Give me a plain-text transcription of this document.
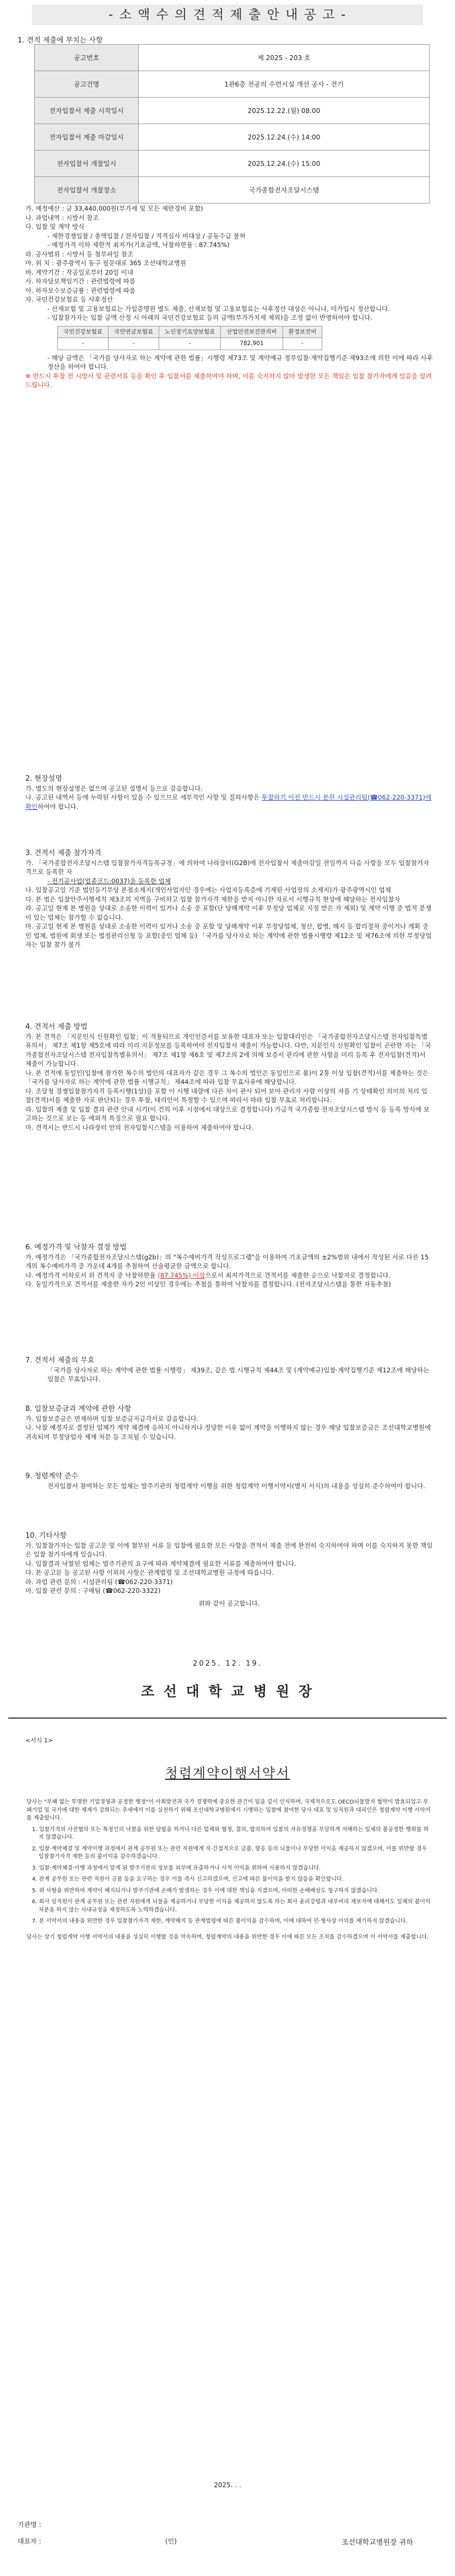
- 소 액 수 의 견 적 제 출 안 내 공 고 -
1. 견적 제출에 부치는 사항
공고번호	제 2025 - 203 호
공고건명	1관6층 전공의 수련시설 개선 공사 - 전기
전자입찰서 제출 시작일시	2025.12.22.(월) 08:00
전자입찰서 제출 마감일시	2025.12.24.(수) 14:00
전자입찰서 개찰일시	2025.12.24.(수) 15:00
전자입찰서 개찰장소	국가종합전자조달시스템

가. 예정예산 : 금 33,440,000원(부가세 및 모든 제반경비 포함)

나. 과업내역 : 시방서 참조

다. 입찰 및 계약 방식

- 제한경쟁입찰 / 총액입찰 / 전자입찰 / 적격심사 비대상 / 공동수급 불허

- 예정가격 이하 제한적 최저가(기초금액, 낙찰하한율 : 87.745%)

라. 공사범위 : 시방서 등 첨부파일 참조

마. 위 치 : 광주광역시 동구 필문대로 365 조선대학교병원

바. 계약기간 : 착공일로부터 20일 이내

사. 하자담보책임기간 : 관련법령에 따름

아. 하자보수보증금률 : 관련법령에 따름

자. 국민건강보험료 등 사후정산

- 산재보험 및 고용보험료는 가입증명원 별도 제출, 산재보험 및 고용보험료는 사후정산 대상은 아니나, 미가입시 정산합니다.

- 입찰참가자는 입찰 금액 산정 시 아래의 국민건강보험료 등의 금액(부가가치세 제외)을 조정 없이 반영하여야 합니다.

국민건강보험료	국민연금보험료	노인장기요양보험료	산업안전보건관리비	환경보전비
-	-	-	782,901	-

- 해당 금액은 「국가를 당사자로 하는 계약에 관한 법률」시행령 제73조 및 계약예규 정부입찰·계약집행기준 제93조에 의한 이에 따라 사후정산을 하여야 합니다.

※ 반드시 투찰 전 시방서 및 관련서류 등을 확인 후 입찰서를 제출하여야 하며, 이를 숙지하지 않아 발생한 모든 책임은 입찰 참가자에게 있음을 알려드립니다.

2. 현장설명

가. 별도의 현장설명은 없으며 공고된 설명서 등으로 갈음합니다.

나. 공고된 내역서 등에 누락된 사항이 있을 수 있으므로 세부적인 사항 및 질의사항은 투찰하기 이전 반드시 본원 시설관리팀(☎062-220-3371)에 확인하여야 합니다.

3. 견적서 제출 참가자격

가. 「국가종합전자조달시스템 입찰참가자격등록규정」에 의하여 나라장터(G2B)에 전자입찰서 제출마감일 전일까지 다음 사항을 모두 입찰참가자격으로 등록한 자

- 전기공사업(업종코드:0037)을 등록한 업체

나. 입찰공고일 기준 법인등기부상 본점소재지(개인사업자인 경우에는 사업자등록증에 기재된 사업장의 소재지)가 광주광역시인 업체

다. 본 범은 입찰안주서행세칙 제3조의 지역을 구비하고 입찰 참가자격 제한을 받지 아니한 자로서 시행규칙 현상에 해당하는 전자입찰자

라. 공고일 현재 본 병원을 상대로 소송한 이력이 있거나 소송 중 포함(단 당해계약 이후 부정당 업체로 지정 받은 자 제외) 및 계약 이행 중 법적 분쟁이 있는 업체는 참가할 수 없습니다.

마. 공고일 현재 본 병원을 상대로 소송한 이력이 있거나 소송 중 포함 및 당해계약 이후 부정당업체, 청산, 합병, 해지 등 합리절차 중이거나 계획 중인 업체, 법원에 회생 또는 법정관리신청 등 포함(중인 업체 등) 「국가를 당사자로 하는 계약에 관한 법률시행령 제12조 및 제76조에 의한 부정당업자는 입찰 참가 불가

4. 견적서 제출 방법

가. 본 견적은 「지문인식 신원확인 입찰」이 적용되므로 개인인증서를 보유한 대표자 또는 입찰대리인은 「국가종합전자조달시스템 전자입찰특별유의서」 제7조 제1항 제5호에 따라 미리 지문정보를 등록하여야 전자입찰서 제출이 가능합니다. 다만, 지문인식 신원확인 입찰이 곤란한 자는 「국가종합전자조달시스템 전자입찰특별유의서」 제7조 제1항 제6호 및 제7조의 2에 의해 보증서 관리에 관한 사항을 미리 등록 후 전자입찰(견적)서 제출이 가능합니다.

나. 본 견적에 동일인(입찰에 참가한 복수의 법인의 대표자가 같은 경우 그 복수의 법인은 동일인으로 봄)이 2통 이상 입찰(견적)서를 제출하는 것은 「국가를 당사자로 하는 계약에 관한 법률 시행규칙」 제44조에 따라 입찰 무효사유에 해당합니다.

다. 조달청 경쟁입찰참가자격 등록시행(1상)을 포함 이 시행 대량에 다른 차이 관사 되어 보아 관리자 사람 이상의 자를 기 상태확인 의미의 처리 입찰(견적)서를 제출한 자로 판단되는 경우 투찰, 대리인이 특정할 수 있으며 따라서 따라 입찰 무효로 처리합니다.

라. 입찰의 제출 및 입찰 결과 관련 안내 시기(이 건의 이후 시점에서 대상으로 결정합니다) 가급적 국가종합 전자조달시스템 방식 등 등록 방식에 보고하는 것으로 보는 등 예외적 특징으로 필요 합니다.

마. 견적서는 반드시 나라장터 안의 전자입찰시스템을 이용하여 제출하여야 합니다.

6. 예정가격 및 낙찰자 결정 방법

가. 예정가격은 「국가종합전자조달시스템(g2b)」의 "복수예비가격 작성프로그램"을 이용하여 기초금액의 ±2%범위 내에서 작성된 서로 다른 15개의 복수예비가격 중 가운데 4개를 추첨하여 산술평균한 금액으로 합니다.

나. 예정가격 이하로서 위 견적자 중 낙찰하한율 (87.745%) 이상으로서 최저가격으로 견적서를 제출한 순으로 낙찰자로 결정합니다.

다. 동일가격으로 견적서를 제출한 자가 2인 이상인 경우에는 추첨을 통하여 낙찰자를 결정합니다. (전자조달시스템을 통한 자동추첨)

7. 견적서 제출의 무효

「국가를 당사자로 하는 계약에 관한 법률 시행령」 제39조, 같은 법 시행규칙 제44조 및 (계약예규)입찰·계약집행기준 제12조에 해당하는 입찰은 무효입니다.

8. 입찰보증금과 계약에 관한 사항

가. 입찰보증금은 면제하며 입찰 보증금지급각서로 갈음합니다.

나. 낙찰 예정자로 결정된 업체가 계약 체결에 응하지 아니하거나 정당한 이유 없이 계약을 이행하지 않는 경우 해당 입찰보증금은 조선대학교병원에 귀속되며 부정당업자 제재 처분 등 조치될 수 있습니다.

9. 청렴계약 준수

전자입찰서 참여하는 모든 업체는 발주기관의 청렴계약 이행을 위한 청렴계약 이행서약서(별지 서식)의 내용을 성실히 준수하여야 합니다.

10. 기타사항

가. 입찰참가자는 입찰 공고문 및 이에 첨부된 서류 등 입찰에 필요한 모든 사항을 견적서 제출 전에 완전히 숙지하여야 하며 이를 숙지하지 못한 책임은 입찰 참가자에게 있습니다.

나. 입찰결과 낙찰된 업체는 발주기관의 요구에 따라 계약체결에 필요한 서류를 제출하여야 합니다.

다. 본 공고문 등 공고된 사항 이외의 사항은 관계법령 및 조선대학교병원 규정에 따릅니다.

라. 과업 관련 문의 : 시설관리팀 (☎062-220-3371)

마. 입찰 관련 문의 : 구매팀 (☎062-220-3322)

위와 같이 공고합니다.

2025. 12. 19.
조 선 대 학 교 병 원 장
<서식 1>
청렴계약이행서약서

당사는 "부패 없는 투명한 기업경영과 공정한 행정"이 사회발전과 국가 경쟁력에 중요한 관건이 됨을 깊이 인식하며, 국제적으로도 OECD뇌물방지 협약이 발효되었고 부패기업 및 국가에 대한 제재가 강화되는 추세에서 이를 실천하기 위해 조선대학교병원에서 시행하는 입찰에 참여한 당사 대표 및 임직원과 대리인은 청렴계약 이행 서약서를 제출합니다.

1. 입찰가격의 사전협의 또는 특정인의 낙찰을 위한 담합을 하거나 다른 업체와 협정, 결의, 합의하여 입찰의 자유경쟁을 부당하게 저해하는 일체의 불공정한 행위를 하지 않겠습니다.

2. 입찰·계약체결 및 계약이행 과정에서 관계 공무원 또는 관련 직원에게 직·간접적으로 금품, 향응 등의 뇌물이나 부당한 이익을 제공하지 않겠으며, 이를 위반할 경우 입찰참가자격 제한 등의 불이익을 감수하겠습니다.

3. 입찰·계약체결·이행 과정에서 알게 된 발주기관의 정보를 외부에 유출하거나 사적 이익을 위하여 사용하지 않겠습니다.

4. 관계 공무원 또는 관련 직원이 금품 등을 요구하는 경우 이를 즉시 신고하겠으며, 신고에 따른 불이익을 받지 않음을 확인합니다.

5. 위 사항을 위반하여 계약이 해지되거나 발주기관에 손해가 발생하는 경우 이에 대한 책임을 지겠으며, 어떠한 손해배상도 청구하지 않겠습니다.

6. 회사 임직원이 관계 공무원 또는 관련 직원에게 뇌물을 제공하거나 부당한 이익을 제공하지 않도록 하는 회사 윤리강령과 내부비리 제보자에 대해서도 일체의 불이익 처분을 하지 않는 사내규정을 제정하도록 노력하겠습니다.

7. 본 서약서의 내용을 위반한 경우 입찰참가자격 제한, 계약해지 등 관계법령에 따른 불이익을 감수하며, 이에 대하여 민·형사상 이의를 제기하지 않겠습니다.

당사는 상기 청렴계약 이행 서약서의 내용을 성실히 이행할 것을 약속하며, 청렴계약의 내용을 위반한 경우 이에 따른 모든 조치를 감수하겠으며 이 서약서를 제출합니다.

2025. . .
기관명 :
대표자 :	(인)	조선대학교병원장 귀하
